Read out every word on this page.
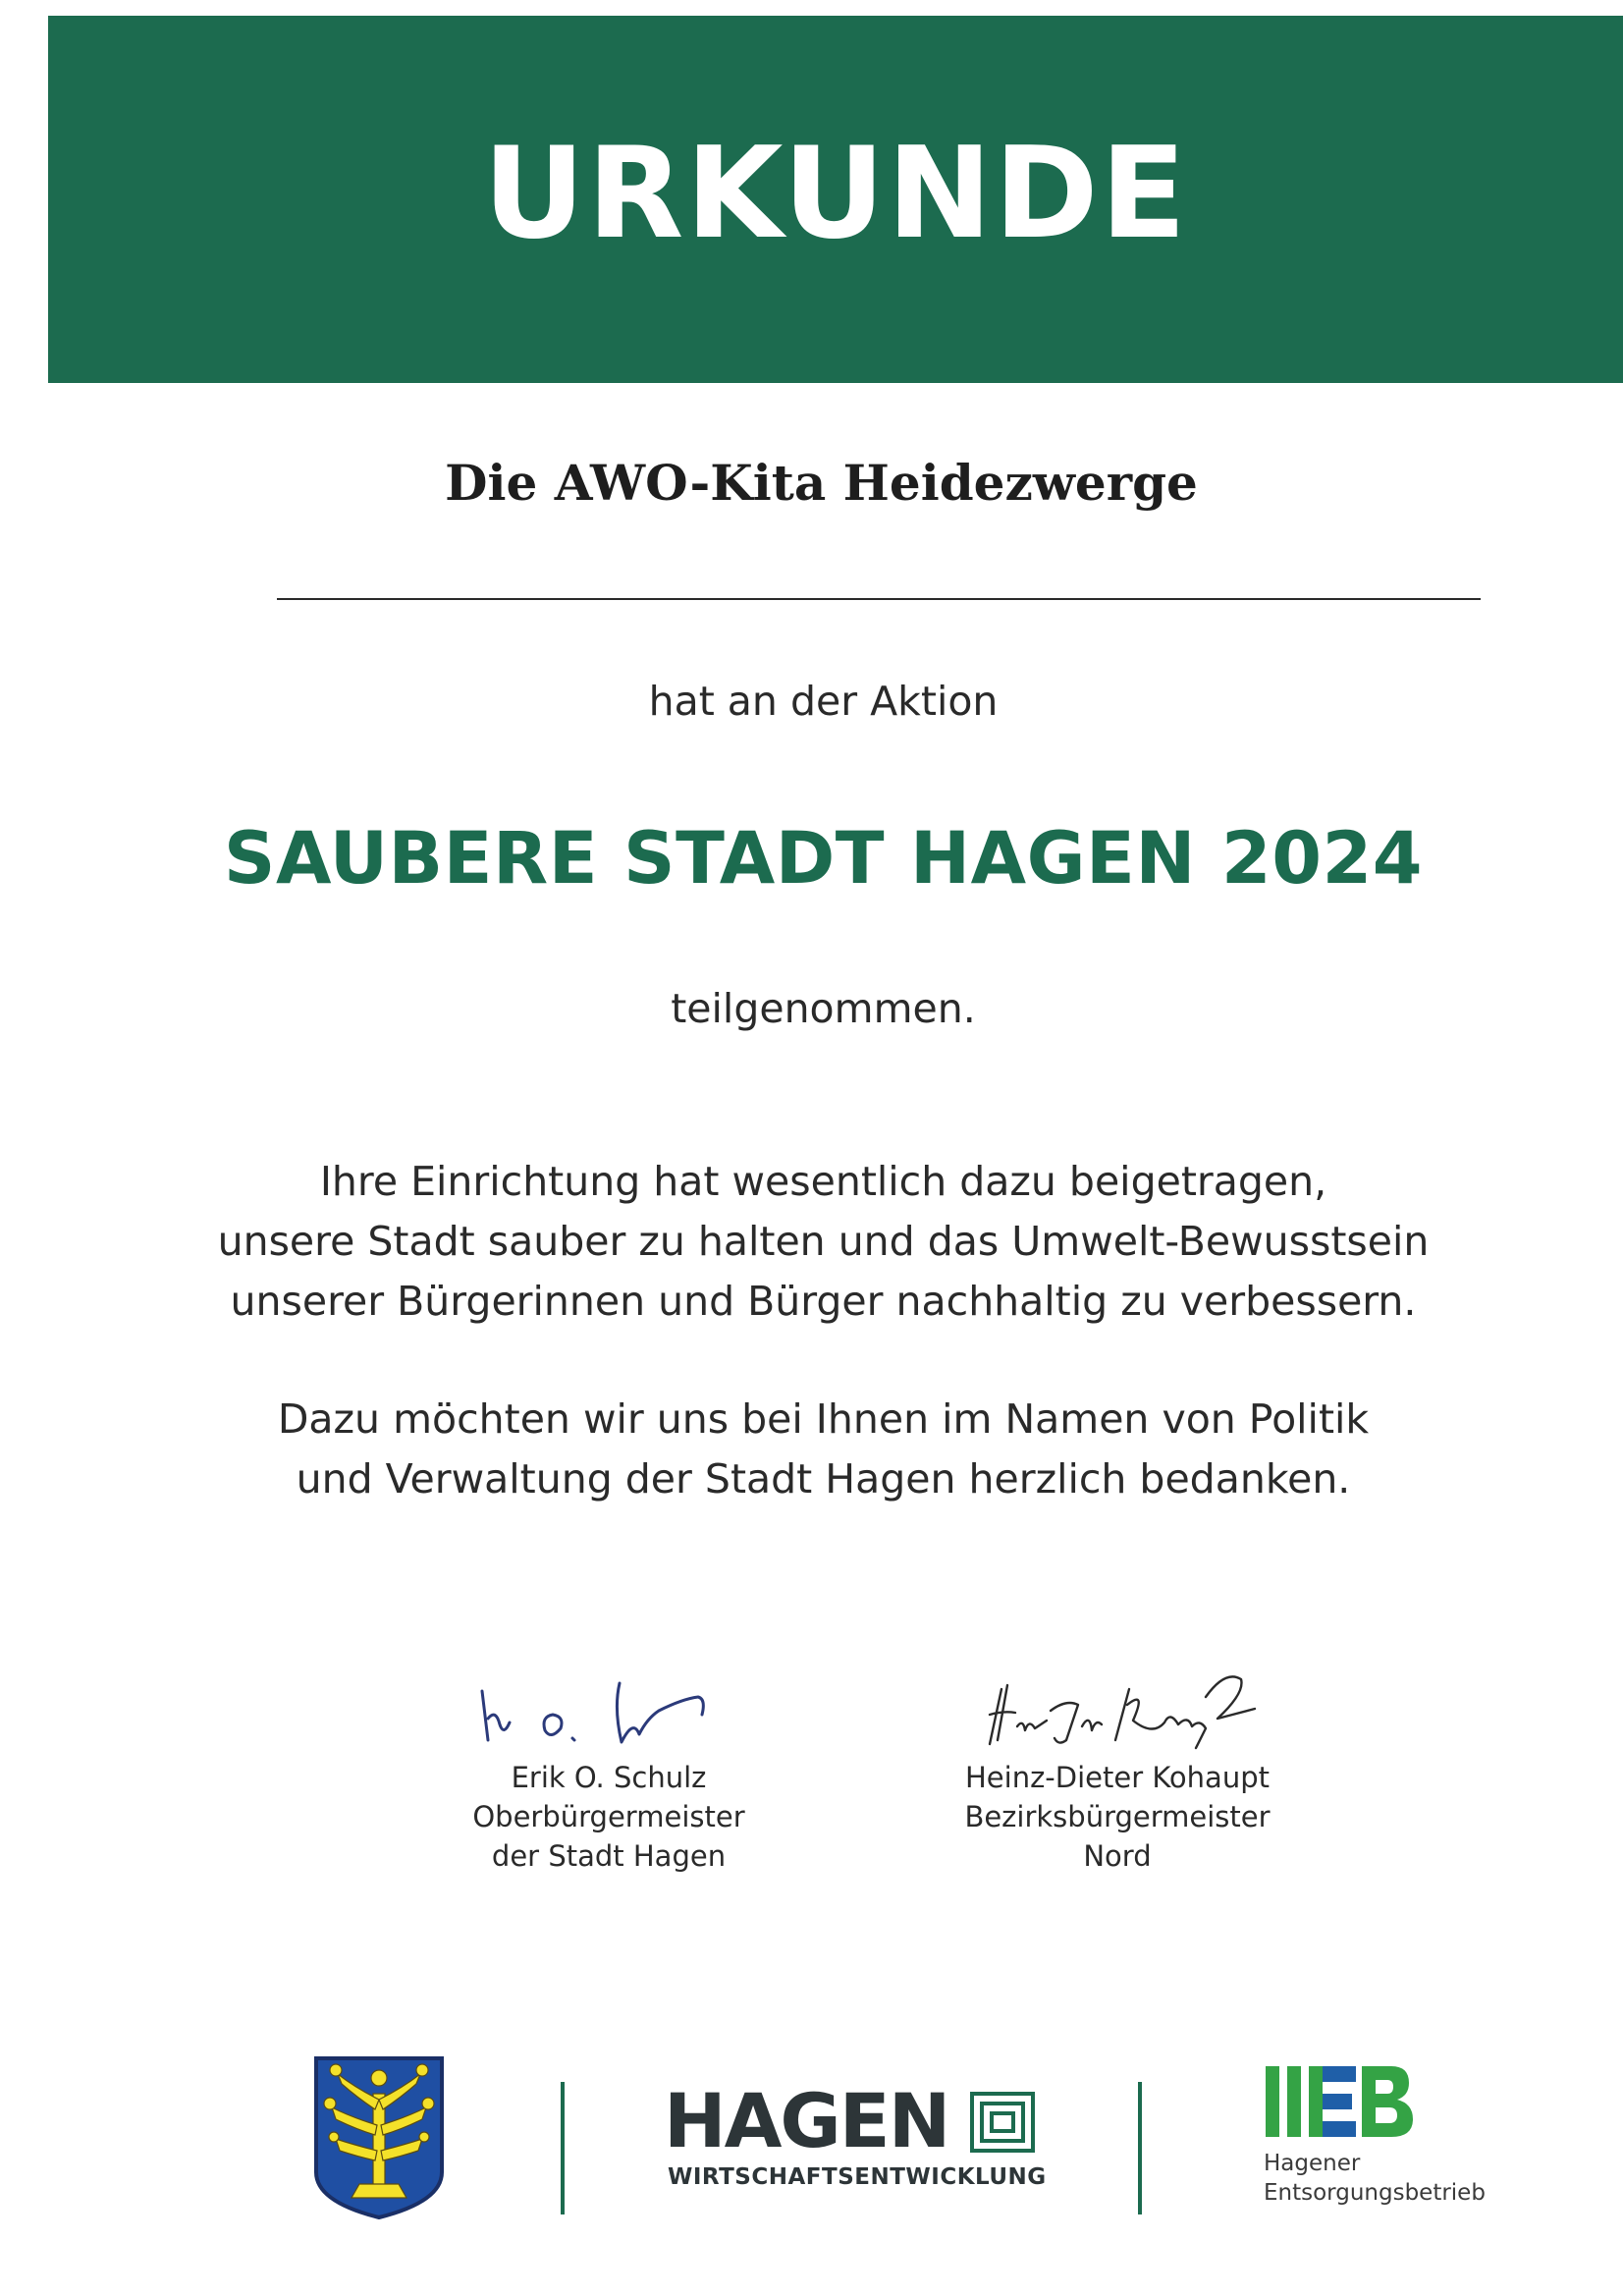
URKUNDE
Die AWO-Kita Heidezwerge
hat an der Aktion
SAUBERE STADT HAGEN 2024
teilgenommen.
Ihre Einrichtung hat wesentlich dazu beigetragen,
unsere Stadt sauber zu halten und das Umwelt-Bewusstsein
unserer Bürgerinnen und Bürger nachhaltig zu verbessern.
Dazu möchten wir uns bei Ihnen im Namen von Politik
und Verwaltung der Stadt Hagen herzlich bedanken.
Erik O. Schulz
Oberbürgermeister
der Stadt Hagen
Heinz-Dieter Kohaupt
Bezirksbürgermeister
Nord
HAGEN
WIRTSCHAFTSENTWICKLUNG
Hagener
Entsorgungsbetrieb
